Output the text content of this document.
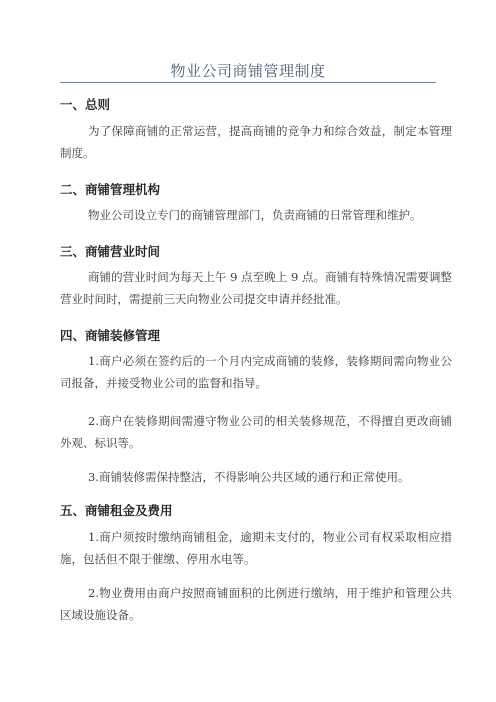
物业公司商铺管理制度
一、总则
为了保障商铺的正常运营，提高商铺的竞争力和综合效益，制定本管理制度。
二、商铺管理机构
物业公司设立专门的商铺管理部门，负责商铺的日常管理和维护。
三、商铺营业时间
商铺的营业时间为每天上午 9 点至晚上 9 点。商铺有特殊情况需要调整营业时间时，需提前三天向物业公司提交申请并经批准。
四、商铺装修管理
1.商户必须在签约后的一个月内完成商铺的装修，装修期间需向物业公司报备，并接受物业公司的监督和指导。
2.商户在装修期间需遵守物业公司的相关装修规范，不得擅自更改商铺外观、标识等。
3.商铺装修需保持整洁，不得影响公共区域的通行和正常使用。
五、商铺租金及费用
1.商户须按时缴纳商铺租金，逾期未支付的，物业公司有权采取相应措施，包括但不限于催缴、停用水电等。
2.物业费用由商户按照商铺面积的比例进行缴纳，用于维护和管理公共区域设施设备。
